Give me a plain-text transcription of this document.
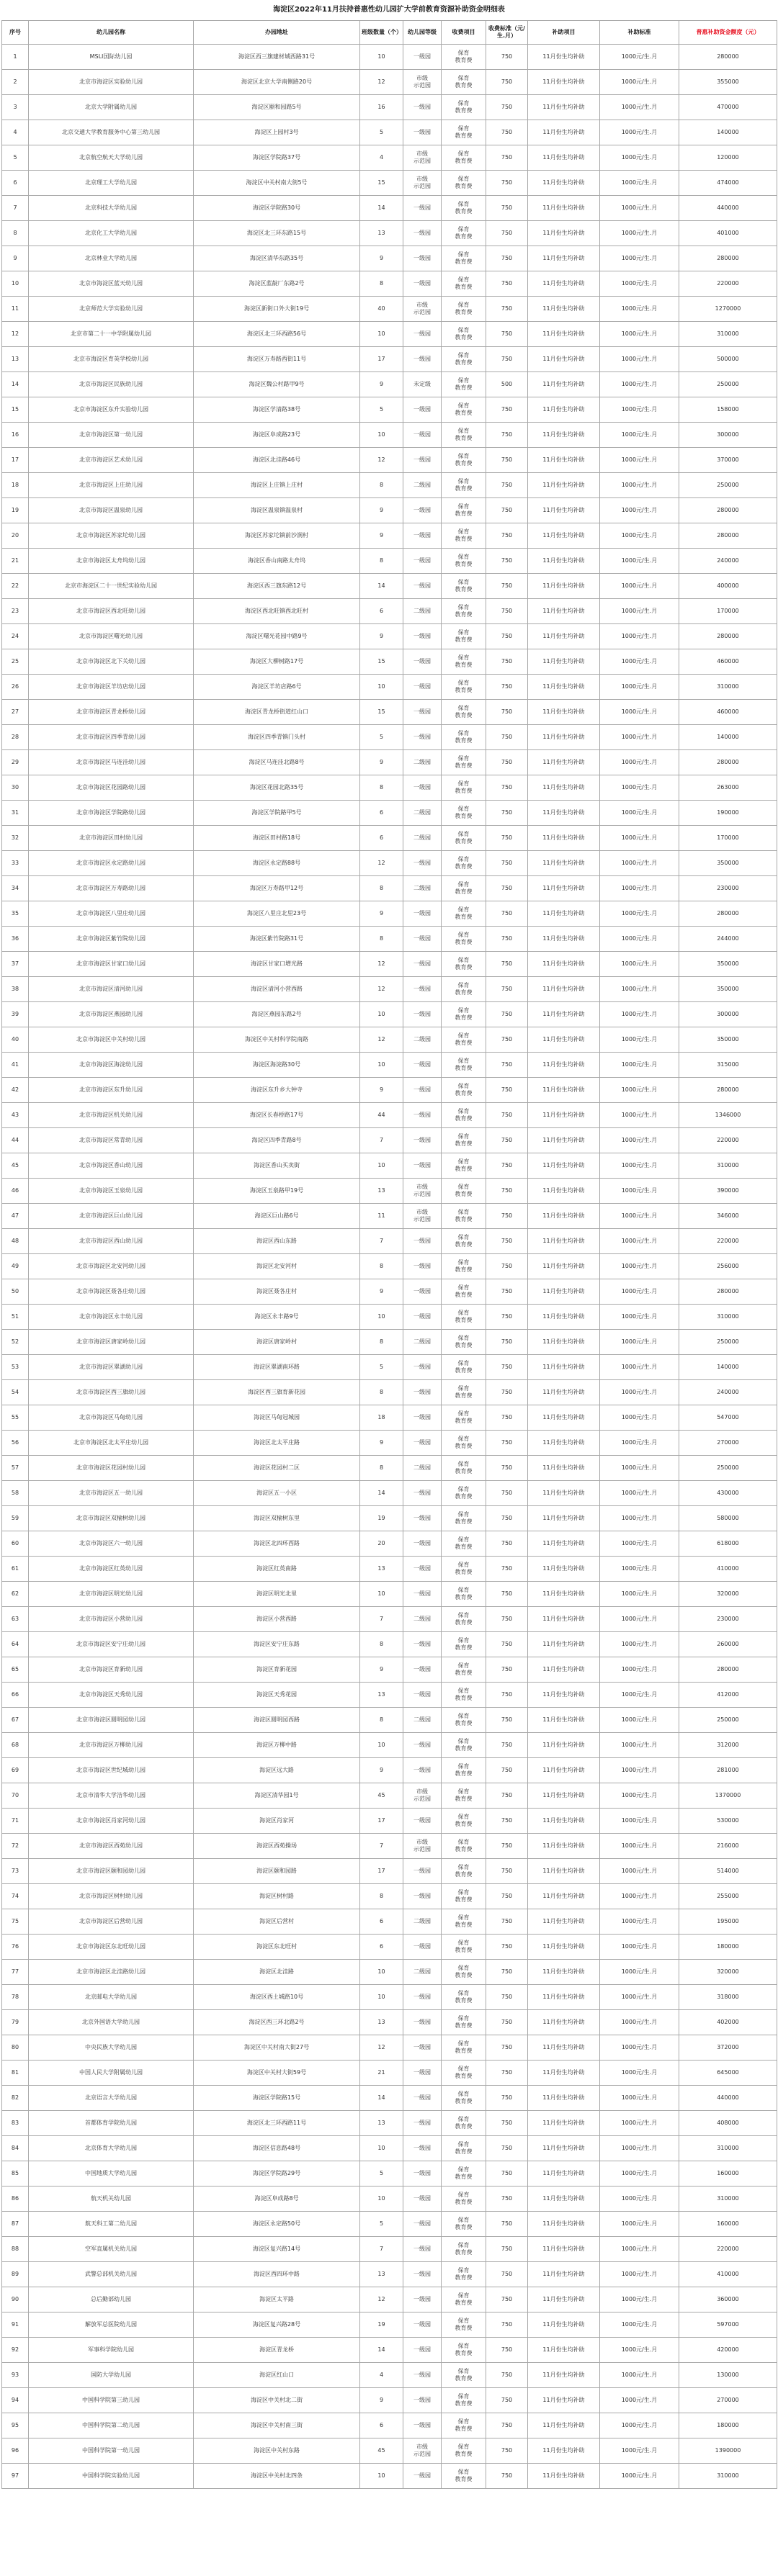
海淀区2022年11月扶持普惠性幼儿园扩大学前教育资源补助资金明细表
序号	幼儿园名称	办园地址	班级数量（个）	幼儿园等级	收费项目	收费标准（元/生.月）	补助项目	补助标准	普惠补助资金额度（元）
1	MSLI国际幼儿园	海淀区西三旗建材城西路31号	10	一级园	保育
教育费	750	11月份生均补助	1000元/生.月	280000
2	北京市海淀区实验幼儿园	海淀区北京大学南侧路20号	12	市级
示范园	保育
教育费	750	11月份生均补助	1000元/生.月	355000
3	北京大学附属幼儿园	海淀区颐和园路5号	16	一级园	保育
教育费	750	11月份生均补助	1000元/生.月	470000
4	北京交通大学教育服务中心第三幼儿园	海淀区上园村3号	5	一级园	保育
教育费	750	11月份生均补助	1000元/生.月	140000
5	北京航空航天大学幼儿园	海淀区学院路37号	4	市级
示范园	保育
教育费	750	11月份生均补助	1000元/生.月	120000
6	北京理工大学幼儿园	海淀区中关村南大街5号	15	市级
示范园	保育
教育费	750	11月份生均补助	1000元/生.月	474000
7	北京科技大学幼儿园	海淀区学院路30号	14	一级园	保育
教育费	750	11月份生均补助	1000元/生.月	440000
8	北京化工大学幼儿园	海淀区北三环东路15号	13	一级园	保育
教育费	750	11月份生均补助	1000元/生.月	401000
9	北京林业大学幼儿园	海淀区清华东路35号	9	一级园	保育
教育费	750	11月份生均补助	1000元/生.月	280000
10	北京市海淀区蓝天幼儿园	海淀区蓝靛厂东路2号	8	一级园	保育
教育费	750	11月份生均补助	1000元/生.月	220000
11	北京师范大学实验幼儿园	海淀区新街口外大街19号	40	市级
示范园	保育
教育费	750	11月份生均补助	1000元/生.月	1270000
12	北京市第二十一中学附属幼儿园	海淀区北三环西路56号	10	一级园	保育
教育费	750	11月份生均补助	1000元/生.月	310000
13	北京市海淀区育英学校幼儿园	海淀区万寿路西街11号	17	一级园	保育
教育费	750	11月份生均补助	1000元/生.月	500000
14	北京市海淀区民族幼儿园	海淀区魏公村路甲9号	9	未定级	保育
教育费	500	11月份生均补助	1000元/生.月	250000
15	北京市海淀区东升实验幼儿园	海淀区学清路38号	5	一级园	保育
教育费	750	11月份生均补助	1000元/生.月	158000
16	北京市海淀区第一幼儿园	海淀区阜成路23号	10	一级园	保育
教育费	750	11月份生均补助	1000元/生.月	300000
17	北京市海淀区艺术幼儿园	海淀区北洼路46号	12	一级园	保育
教育费	750	11月份生均补助	1000元/生.月	370000
18	北京市海淀区上庄幼儿园	海淀区上庄镇上庄村	8	二级园	保育
教育费	750	11月份生均补助	1000元/生.月	250000
19	北京市海淀区温泉幼儿园	海淀区温泉镇温泉村	9	一级园	保育
教育费	750	11月份生均补助	1000元/生.月	280000
20	北京市海淀区苏家坨幼儿园	海淀区苏家坨镇前沙涧村	9	一级园	保育
教育费	750	11月份生均补助	1000元/生.月	280000
21	北京市海淀区太舟坞幼儿园	海淀区香山南路太舟坞	8	一级园	保育
教育费	750	11月份生均补助	1000元/生.月	240000
22	北京市海淀区二十一世纪实验幼儿园	海淀区西三旗东路12号	14	一级园	保育
教育费	750	11月份生均补助	1000元/生.月	400000
23	北京市海淀区西北旺幼儿园	海淀区西北旺镇西北旺村	6	二级园	保育
教育费	750	11月份生均补助	1000元/生.月	170000
24	北京市海淀区曙光幼儿园	海淀区曙光花园中路9号	9	一级园	保育
教育费	750	11月份生均补助	1000元/生.月	280000
25	北京市海淀区北下关幼儿园	海淀区大柳树路17号	15	一级园	保育
教育费	750	11月份生均补助	1000元/生.月	460000
26	北京市海淀区羊坊店幼儿园	海淀区羊坊店路6号	10	一级园	保育
教育费	750	11月份生均补助	1000元/生.月	310000
27	北京市海淀区青龙桥幼儿园	海淀区青龙桥街道红山口	15	一级园	保育
教育费	750	11月份生均补助	1000元/生.月	460000
28	北京市海淀区四季青幼儿园	海淀区四季青镇门头村	5	一级园	保育
教育费	750	11月份生均补助	1000元/生.月	140000
29	北京市海淀区马连洼幼儿园	海淀区马连洼北路8号	9	二级园	保育
教育费	750	11月份生均补助	1000元/生.月	280000
30	北京市海淀区花园路幼儿园	海淀区花园北路35号	8	一级园	保育
教育费	750	11月份生均补助	1000元/生.月	263000
31	北京市海淀区学院路幼儿园	海淀区学院路甲5号	6	二级园	保育
教育费	750	11月份生均补助	1000元/生.月	190000
32	北京市海淀区田村幼儿园	海淀区田村路18号	6	二级园	保育
教育费	750	11月份生均补助	1000元/生.月	170000
33	北京市海淀区永定路幼儿园	海淀区永定路88号	12	一级园	保育
教育费	750	11月份生均补助	1000元/生.月	350000
34	北京市海淀区万寿路幼儿园	海淀区万寿路甲12号	8	二级园	保育
教育费	750	11月份生均补助	1000元/生.月	230000
35	北京市海淀区八里庄幼儿园	海淀区八里庄北里23号	9	一级园	保育
教育费	750	11月份生均补助	1000元/生.月	280000
36	北京市海淀区紫竹院幼儿园	海淀区紫竹院路31号	8	一级园	保育
教育费	750	11月份生均补助	1000元/生.月	244000
37	北京市海淀区甘家口幼儿园	海淀区甘家口增光路	12	一级园	保育
教育费	750	11月份生均补助	1000元/生.月	350000
38	北京市海淀区清河幼儿园	海淀区清河小营西路	12	一级园	保育
教育费	750	11月份生均补助	1000元/生.月	350000
39	北京市海淀区燕园幼儿园	海淀区燕园东路2号	10	一级园	保育
教育费	750	11月份生均补助	1000元/生.月	300000
40	北京市海淀区中关村幼儿园	海淀区中关村科学院南路	12	二级园	保育
教育费	750	11月份生均补助	1000元/生.月	350000
41	北京市海淀区海淀幼儿园	海淀区海淀路30号	10	一级园	保育
教育费	750	11月份生均补助	1000元/生.月	315000
42	北京市海淀区东升幼儿园	海淀区东升乡大钟寺	9	一级园	保育
教育费	750	11月份生均补助	1000元/生.月	280000
43	北京市海淀区机关幼儿园	海淀区长春桥路17号	44	一级园	保育
教育费	750	11月份生均补助	1000元/生.月	1346000
44	北京市海淀区常青幼儿园	海淀区四季青路8号	7	一级园	保育
教育费	750	11月份生均补助	1000元/生.月	220000
45	北京市海淀区香山幼儿园	海淀区香山买卖街	10	一级园	保育
教育费	750	11月份生均补助	1000元/生.月	310000
46	北京市海淀区玉泉幼儿园	海淀区玉泉路甲19号	13	市级
示范园	保育
教育费	750	11月份生均补助	1000元/生.月	390000
47	北京市海淀区巨山幼儿园	海淀区巨山路6号	11	市级
示范园	保育
教育费	750	11月份生均补助	1000元/生.月	346000
48	北京市海淀区西山幼儿园	海淀区西山东路	7	一级园	保育
教育费	750	11月份生均补助	1000元/生.月	220000
49	北京市海淀区北安河幼儿园	海淀区北安河村	8	一级园	保育
教育费	750	11月份生均补助	1000元/生.月	256000
50	北京市海淀区聂各庄幼儿园	海淀区聂各庄村	9	一级园	保育
教育费	750	11月份生均补助	1000元/生.月	280000
51	北京市海淀区永丰幼儿园	海淀区永丰路9号	10	一级园	保育
教育费	750	11月份生均补助	1000元/生.月	310000
52	北京市海淀区唐家岭幼儿园	海淀区唐家岭村	8	二级园	保育
教育费	750	11月份生均补助	1000元/生.月	250000
53	北京市海淀区翠湖幼儿园	海淀区翠湖南环路	5	一级园	保育
教育费	750	11月份生均补助	1000元/生.月	140000
54	北京市海淀区西三旗幼儿园	海淀区西三旗育新花园	8	一级园	保育
教育费	750	11月份生均补助	1000元/生.月	240000
55	北京市海淀区马甸幼儿园	海淀区马甸冠城园	18	一级园	保育
教育费	750	11月份生均补助	1000元/生.月	547000
56	北京市海淀区北太平庄幼儿园	海淀区北太平庄路	9	一级园	保育
教育费	750	11月份生均补助	1000元/生.月	270000
57	北京市海淀区花园村幼儿园	海淀区花园村二区	8	二级园	保育
教育费	750	11月份生均补助	1000元/生.月	250000
58	北京市海淀区五一幼儿园	海淀区五一小区	14	一级园	保育
教育费	750	11月份生均补助	1000元/生.月	430000
59	北京市海淀区双榆树幼儿园	海淀区双榆树东里	19	一级园	保育
教育费	750	11月份生均补助	1000元/生.月	580000
60	北京市海淀区六一幼儿园	海淀区北四环西路	20	一级园	保育
教育费	750	11月份生均补助	1000元/生.月	618000
61	北京市海淀区红英幼儿园	海淀区红英南路	13	一级园	保育
教育费	750	11月份生均补助	1000元/生.月	410000
62	北京市海淀区明光幼儿园	海淀区明光北里	10	一级园	保育
教育费	750	11月份生均补助	1000元/生.月	320000
63	北京市海淀区小营幼儿园	海淀区小营西路	7	二级园	保育
教育费	750	11月份生均补助	1000元/生.月	230000
64	北京市海淀区安宁庄幼儿园	海淀区安宁庄东路	8	一级园	保育
教育费	750	11月份生均补助	1000元/生.月	260000
65	北京市海淀区育新幼儿园	海淀区育新花园	9	一级园	保育
教育费	750	11月份生均补助	1000元/生.月	280000
66	北京市海淀区天秀幼儿园	海淀区天秀花园	13	一级园	保育
教育费	750	11月份生均补助	1000元/生.月	412000
67	北京市海淀区圆明园幼儿园	海淀区圆明园西路	8	二级园	保育
教育费	750	11月份生均补助	1000元/生.月	250000
68	北京市海淀区万柳幼儿园	海淀区万柳中路	10	一级园	保育
教育费	750	11月份生均补助	1000元/生.月	312000
69	北京市海淀区世纪城幼儿园	海淀区远大路	9	一级园	保育
教育费	750	11月份生均补助	1000元/生.月	281000
70	北京市清华大学洁华幼儿园	海淀区清华园1号	45	市级
示范园	保育
教育费	750	11月份生均补助	1000元/生.月	1370000
71	北京市海淀区肖家河幼儿园	海淀区肖家河	17	一级园	保育
教育费	750	11月份生均补助	1000元/生.月	530000
72	北京市海淀区西苑幼儿园	海淀区西苑操场	7	市级
示范园	保育
教育费	750	11月份生均补助	1000元/生.月	216000
73	北京市海淀区颐和园幼儿园	海淀区颐和园路	17	一级园	保育
教育费	750	11月份生均补助	1000元/生.月	514000
74	北京市海淀区树村幼儿园	海淀区树村路	8	一级园	保育
教育费	750	11月份生均补助	1000元/生.月	255000
75	北京市海淀区后营幼儿园	海淀区后营村	6	二级园	保育
教育费	750	11月份生均补助	1000元/生.月	195000
76	北京市海淀区东北旺幼儿园	海淀区东北旺村	6	一级园	保育
教育费	750	11月份生均补助	1000元/生.月	180000
77	北京市海淀区北洼路幼儿园	海淀区北洼路	10	二级园	保育
教育费	750	11月份生均补助	1000元/生.月	320000
78	北京邮电大学幼儿园	海淀区西土城路10号	10	一级园	保育
教育费	750	11月份生均补助	1000元/生.月	318000
79	北京外国语大学幼儿园	海淀区西三环北路2号	13	一级园	保育
教育费	750	11月份生均补助	1000元/生.月	402000
80	中央民族大学幼儿园	海淀区中关村南大街27号	12	一级园	保育
教育费	750	11月份生均补助	1000元/生.月	372000
81	中国人民大学附属幼儿园	海淀区中关村大街59号	21	一级园	保育
教育费	750	11月份生均补助	1000元/生.月	645000
82	北京语言大学幼儿园	海淀区学院路15号	14	一级园	保育
教育费	750	11月份生均补助	1000元/生.月	440000
83	首都体育学院幼儿园	海淀区北三环西路11号	13	一级园	保育
教育费	750	11月份生均补助	1000元/生.月	408000
84	北京体育大学幼儿园	海淀区信息路48号	10	一级园	保育
教育费	750	11月份生均补助	1000元/生.月	310000
85	中国地质大学幼儿园	海淀区学院路29号	5	一级园	保育
教育费	750	11月份生均补助	1000元/生.月	160000
86	航天机关幼儿园	海淀区阜成路8号	10	一级园	保育
教育费	750	11月份生均补助	1000元/生.月	310000
87	航天科工第二幼儿园	海淀区永定路50号	5	一级园	保育
教育费	750	11月份生均补助	1000元/生.月	160000
88	空军直属机关幼儿园	海淀区复兴路14号	7	一级园	保育
教育费	750	11月份生均补助	1000元/生.月	220000
89	武警总部机关幼儿园	海淀区西四环中路	13	一级园	保育
教育费	750	11月份生均补助	1000元/生.月	410000
90	总后勤部幼儿园	海淀区太平路	12	一级园	保育
教育费	750	11月份生均补助	1000元/生.月	360000
91	解放军总医院幼儿园	海淀区复兴路28号	19	一级园	保育
教育费	750	11月份生均补助	1000元/生.月	597000
92	军事科学院幼儿园	海淀区青龙桥	14	一级园	保育
教育费	750	11月份生均补助	1000元/生.月	420000
93	国防大学幼儿园	海淀区红山口	4	一级园	保育
教育费	750	11月份生均补助	1000元/生.月	130000
94	中国科学院第三幼儿园	海淀区中关村北二街	9	一级园	保育
教育费	750	11月份生均补助	1000元/生.月	270000
95	中国科学院第二幼儿园	海淀区中关村南三街	6	一级园	保育
教育费	750	11月份生均补助	1000元/生.月	180000
96	中国科学院第一幼儿园	海淀区中关村东路	45	市级
示范园	保育
教育费	750	11月份生均补助	1000元/生.月	1390000
97	中国科学院实验幼儿园	海淀区中关村北四条	10	一级园	保育
教育费	750	11月份生均补助	1000元/生.月	310000
